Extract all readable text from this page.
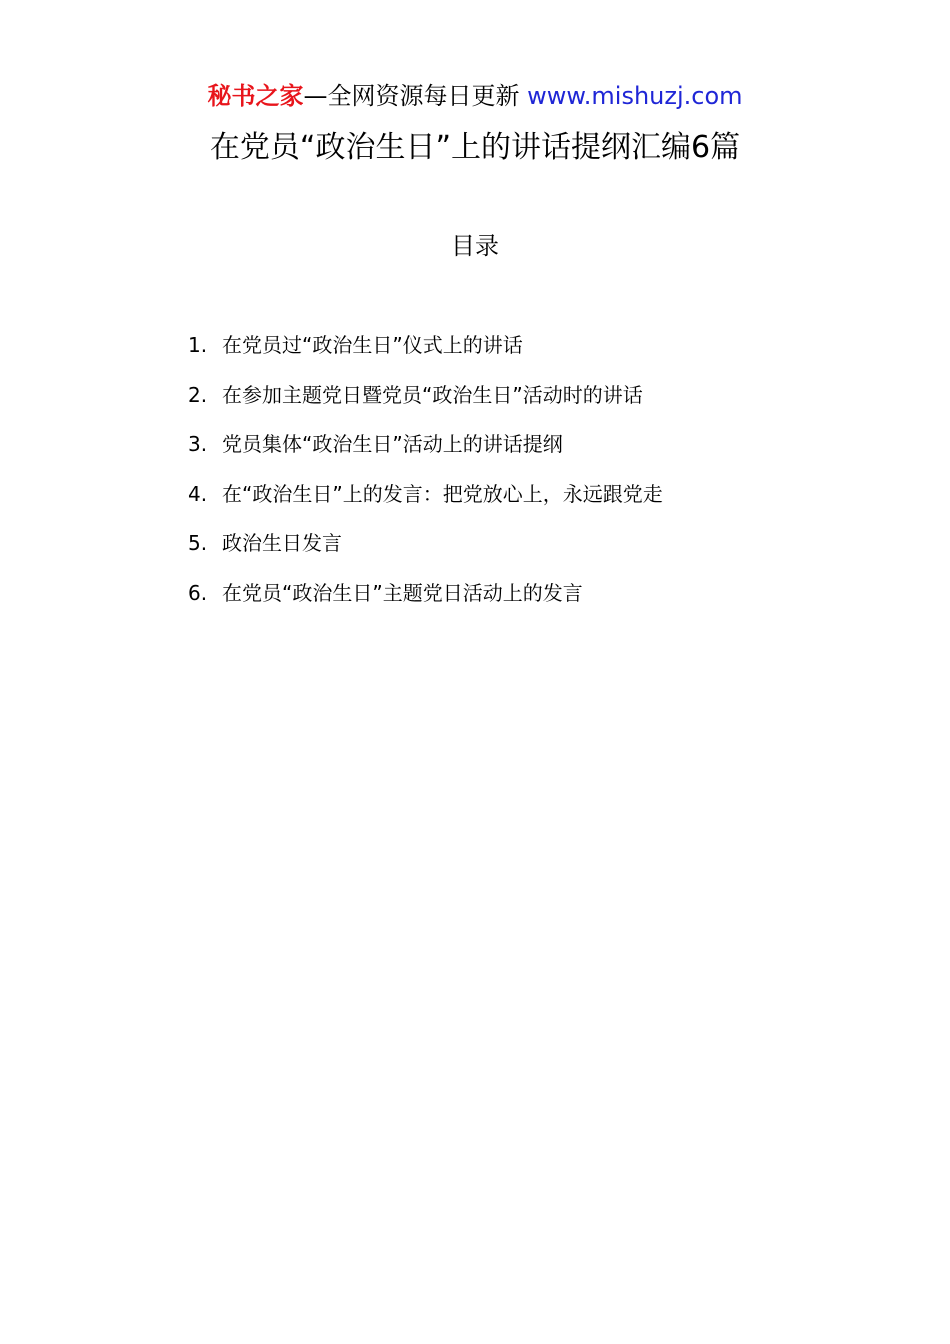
秘书之家—全网资源每日更新 www.mishuzj.com
在党员“政治生日”上的讲话提纲汇编6篇
目录
1. 在党员过“政治生日”仪式上的讲话
2. 在参加主题党日暨党员“政治生日”活动时的讲话
3. 党员集体“政治生日”活动上的讲话提纲
4. 在“政治生日”上的发言：把党放心上，永远跟党走
5. 政治生日发言
6. 在党员“政治生日”主题党日活动上的发言
